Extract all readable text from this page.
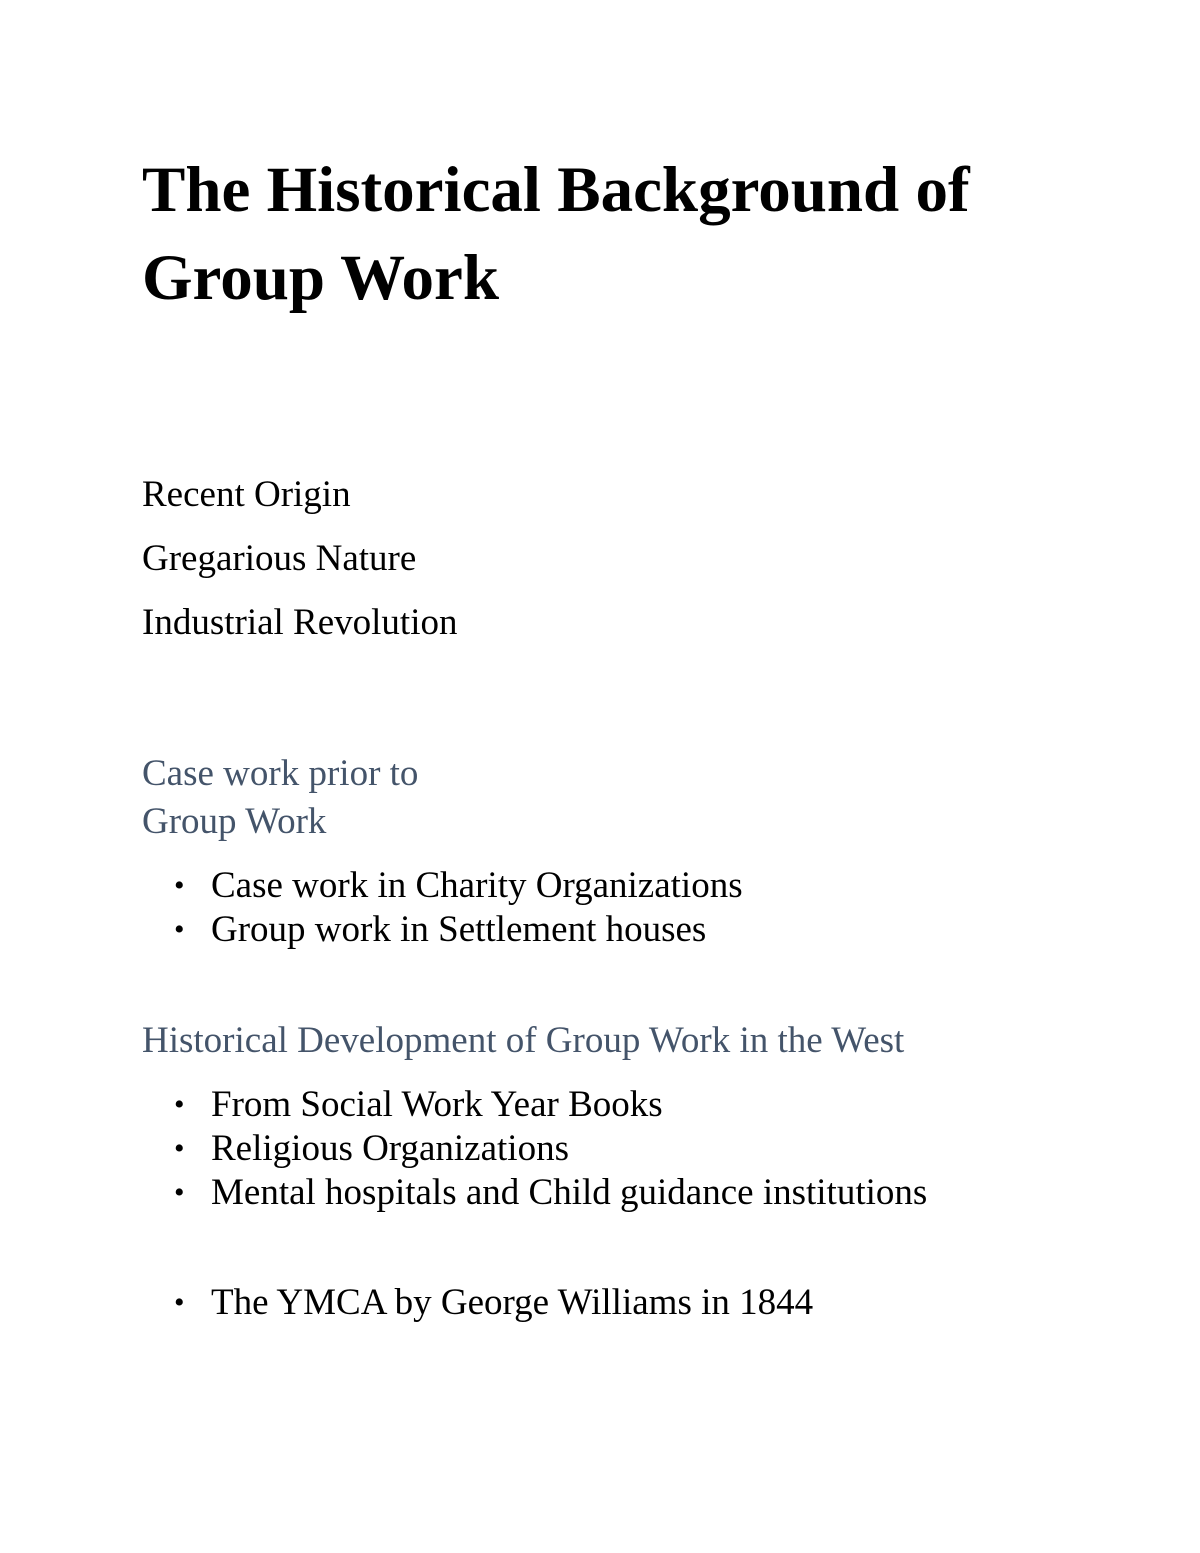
The Historical Background of Group Work
Recent Origin
Gregarious Nature
Industrial Revolution
Case work prior to
Group Work
• Case work in Charity Organizations
• Group work in Settlement houses
Historical Development of Group Work in the West
• From Social Work Year Books
• Religious Organizations
• Mental hospitals and Child guidance institutions
• The YMCA by George Williams in 1844
